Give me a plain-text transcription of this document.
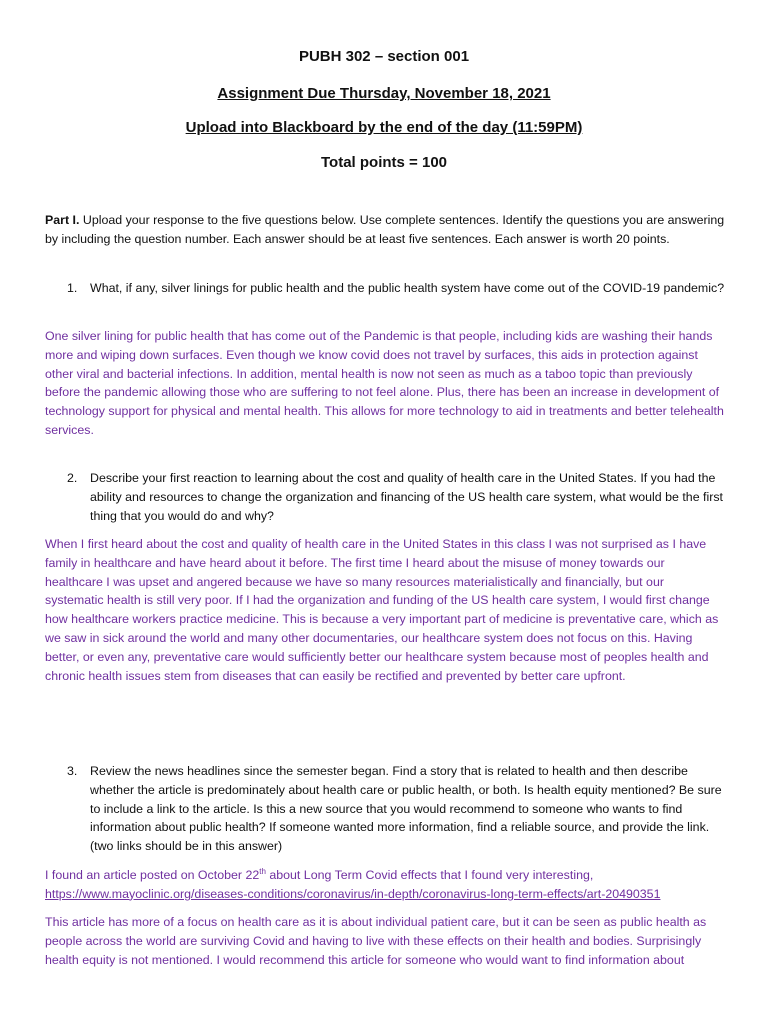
PUBH 302 – section 001
Assignment Due Thursday, November 18, 2021
Upload into Blackboard by the end of the day (11:59PM)
Total points = 100
Part I. Upload your response to the five questions below. Use complete sentences. Identify the questions you are answering by including the question number. Each answer should be at least five sentences. Each answer is worth 20 points.
1. What, if any, silver linings for public health and the public health system have come out of the COVID-19 pandemic?
One silver lining for public health that has come out of the Pandemic is that people, including kids are washing their hands more and wiping down surfaces. Even though we know covid does not travel by surfaces, this aids in protection against other viral and bacterial infections. In addition, mental health is now not seen as much as a taboo topic than previously before the pandemic allowing those who are suffering to not feel alone. Plus, there has been an increase in development of technology support for physical and mental health. This allows for more technology to aid in treatments and better telehealth services.
2. Describe your first reaction to learning about the cost and quality of health care in the United States. If you had the ability and resources to change the organization and financing of the US health care system, what would be the first thing that you would do and why?
When I first heard about the cost and quality of health care in the United States in this class I was not surprised as I have family in healthcare and have heard about it before. The first time I heard about the misuse of money towards our healthcare I was upset and angered because we have so many resources materialistically and financially, but our systematic health is still very poor. If I had the organization and funding of the US health care system, I would first change how healthcare workers practice medicine. This is because a very important part of medicine is preventative care, which as we saw in sick around the world and many other documentaries, our healthcare system does not focus on this. Having better, or even any, preventative care would sufficiently better our healthcare system because most of peoples health and chronic health issues stem from diseases that can easily be rectified and prevented by better care upfront.
3. Review the news headlines since the semester began. Find a story that is related to health and then describe whether the article is predominately about health care or public health, or both. Is health equity mentioned? Be sure to include a link to the article. Is this a new source that you would recommend to someone who wants to find information about public health? If someone wanted more information, find a reliable source, and provide the link. (two links should be in this answer)
I found an article posted on October 22th about Long Term Covid effects that I found very interesting,
https://www.mayoclinic.org/diseases-conditions/coronavirus/in-depth/coronavirus-long-term-effects/art-20490351
This article has more of a focus on health care as it is about individual patient care, but it can be seen as public health as people across the world are surviving Covid and having to live with these effects on their health and bodies. Surprisingly health equity is not mentioned. I would recommend this article for someone who would want to find information about
